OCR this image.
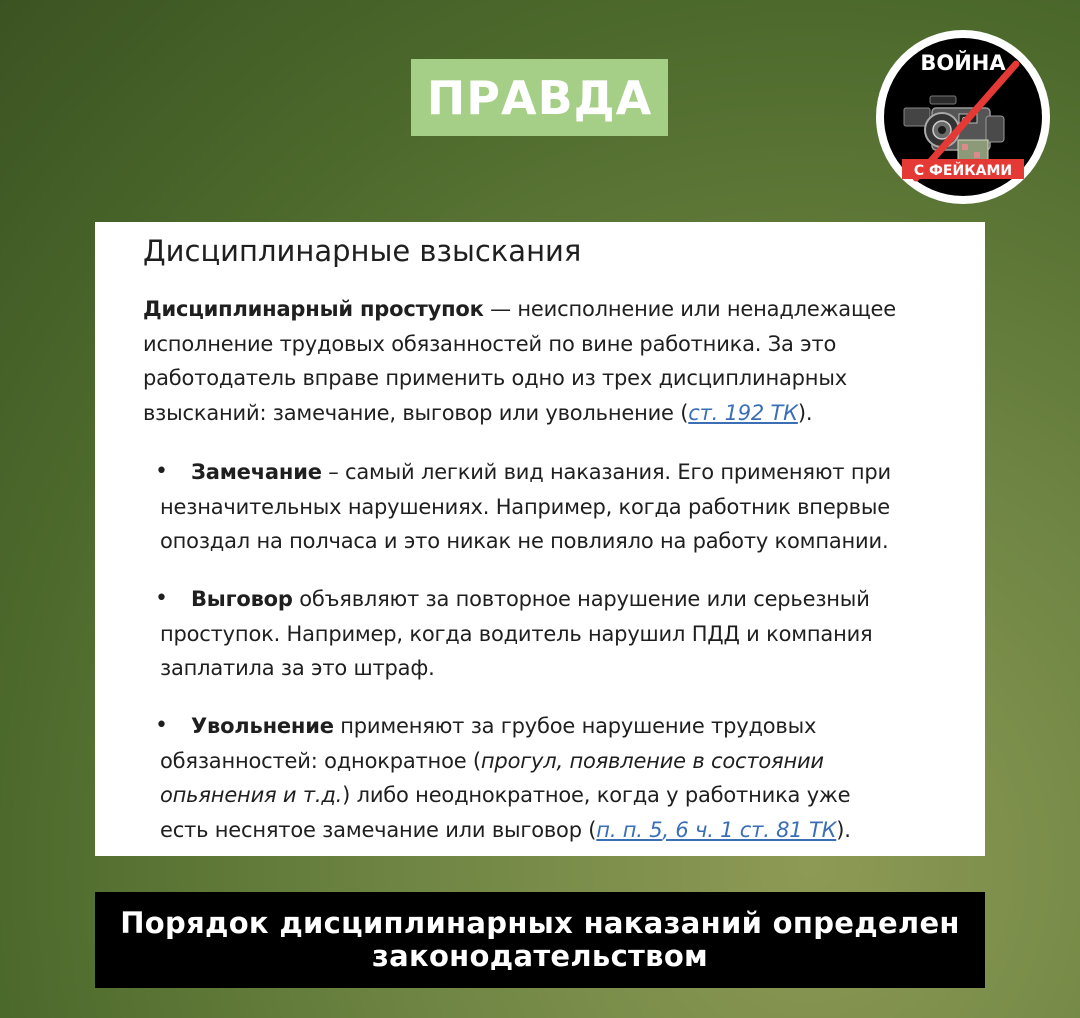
ПРАВДА
ВОЙНА
С ФЕЙКАМИ
Дисциплинарные взыскания

Дисциплинарный проступок — неисполнение или ненадлежащее исполнение трудовых обязанностей по вине работника. За это работодатель вправе применить одно из трех дисциплинарных взысканий: замечание, выговор или увольнение (ст. 192 ТК).

•	Замечание – самый легкий вид наказания. Его применяют при незначительных нарушениях. Например, когда работник впервые опоздал на полчаса и это никак не повлияло на работу компании.
•	Выговор объявляют за повторное нарушение или серьезный проступок. Например, когда водитель нарушил ПДД и компания заплатила за это штраф.
•	Увольнение применяют за грубое нарушение трудовых обязанностей: однократное (прогул, появление в состоянии опьянения и т.д.) либо неоднократное, когда у работника уже есть неснятое замечание или выговор (п. п. 5, 6 ч. 1 ст. 81 ТК).
Порядок дисциплинарных наказаний определен законодательством
